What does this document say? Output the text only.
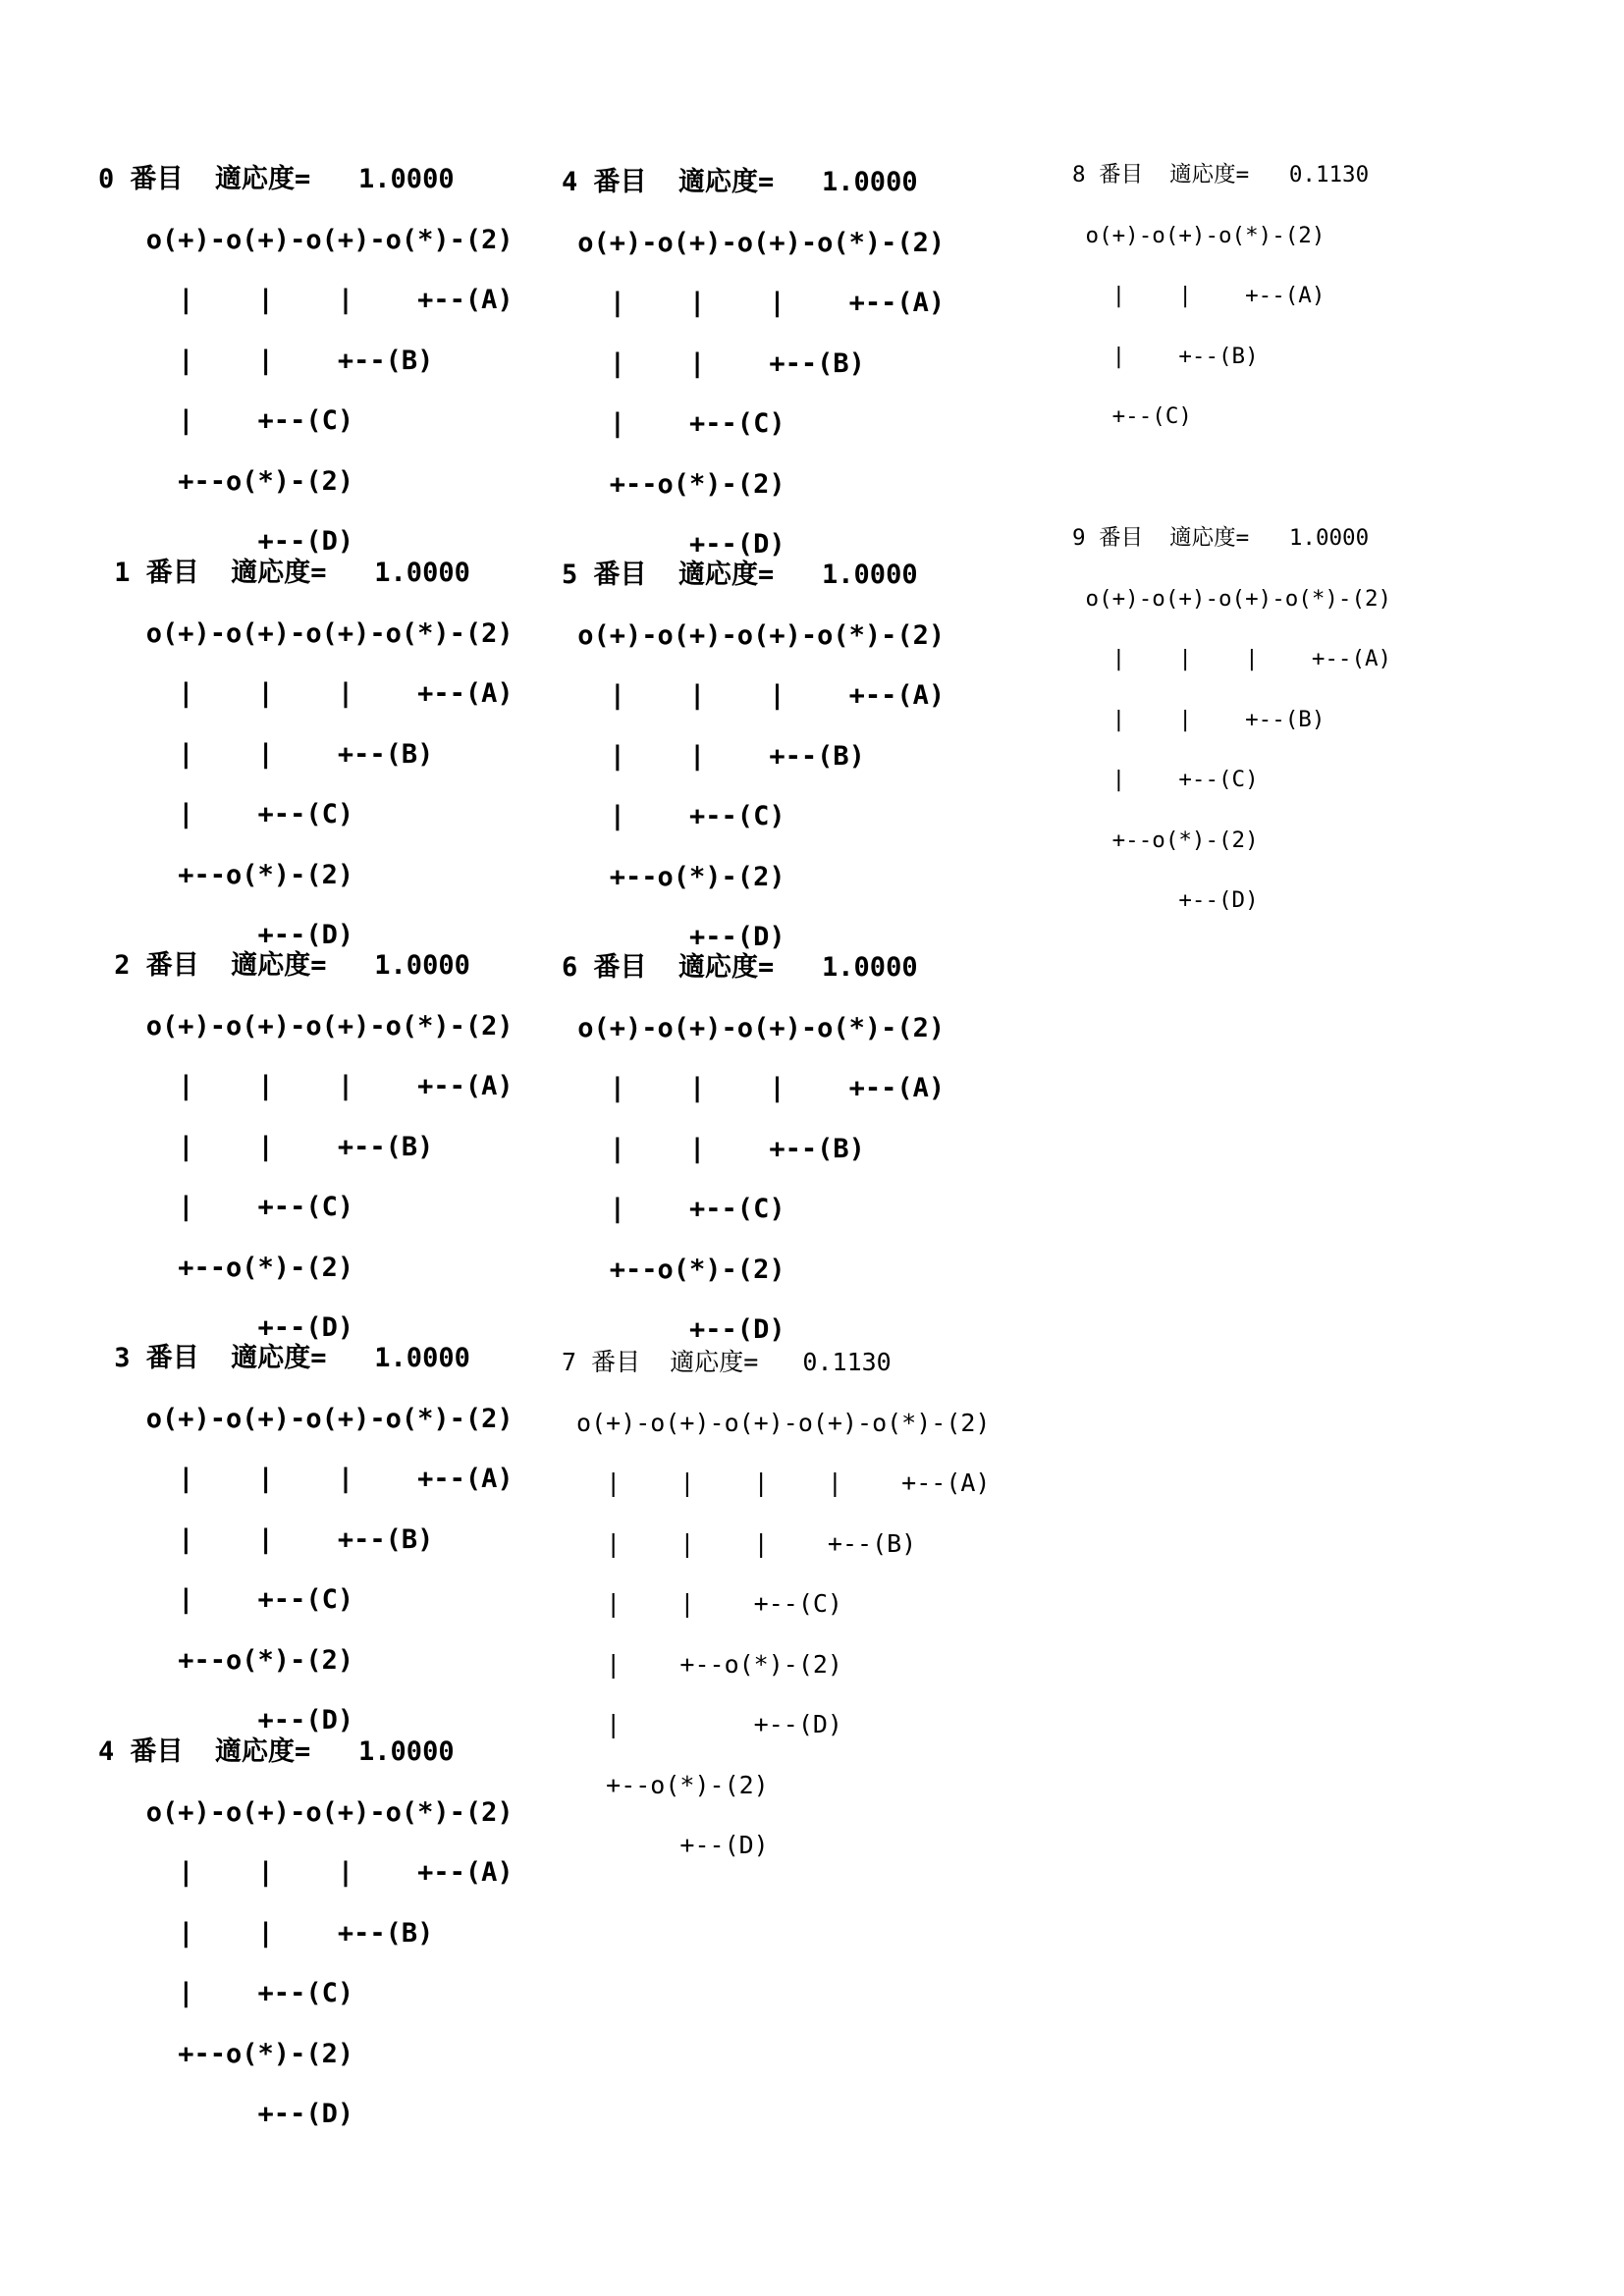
0 番目  適応度=   1.0000
o(+)-o(+)-o(+)-o(*)-(2)
|    |    |    +--(A)
|    |    +--(B)
|    +--(C)
+--o(*)-(2)
+--(D)
1 番目  適応度=   1.0000
o(+)-o(+)-o(+)-o(*)-(2)
|    |    |    +--(A)
|    |    +--(B)
|    +--(C)
+--o(*)-(2)
+--(D)
2 番目  適応度=   1.0000
o(+)-o(+)-o(+)-o(*)-(2)
|    |    |    +--(A)
|    |    +--(B)
|    +--(C)
+--o(*)-(2)
+--(D)
3 番目  適応度=   1.0000
o(+)-o(+)-o(+)-o(*)-(2)
|    |    |    +--(A)
|    |    +--(B)
|    +--(C)
+--o(*)-(2)
+--(D)
4 番目  適応度=   1.0000
o(+)-o(+)-o(+)-o(*)-(2)
|    |    |    +--(A)
|    |    +--(B)
|    +--(C)
+--o(*)-(2)
+--(D)
4 番目  適応度=   1.0000
o(+)-o(+)-o(+)-o(*)-(2)
|    |    |    +--(A)
|    |    +--(B)
|    +--(C)
+--o(*)-(2)
+--(D)
5 番目  適応度=   1.0000
o(+)-o(+)-o(+)-o(*)-(2)
|    |    |    +--(A)
|    |    +--(B)
|    +--(C)
+--o(*)-(2)
+--(D)
6 番目  適応度=   1.0000
o(+)-o(+)-o(+)-o(*)-(2)
|    |    |    +--(A)
|    |    +--(B)
|    +--(C)
+--o(*)-(2)
+--(D)
7 番目  適応度=   0.1130
o(+)-o(+)-o(+)-o(+)-o(*)-(2)
|    |    |    |    +--(A)
|    |    |    +--(B)
|    |    +--(C)
|    +--o(*)-(2)
|         +--(D)
+--o(*)-(2)
+--(D)
8 番目  適応度=   0.1130
o(+)-o(+)-o(*)-(2)
|    |    +--(A)
|    +--(B)
+--(C)
9 番目  適応度=   1.0000
o(+)-o(+)-o(+)-o(*)-(2)
|    |    |    +--(A)
|    |    +--(B)
|    +--(C)
+--o(*)-(2)
+--(D)
